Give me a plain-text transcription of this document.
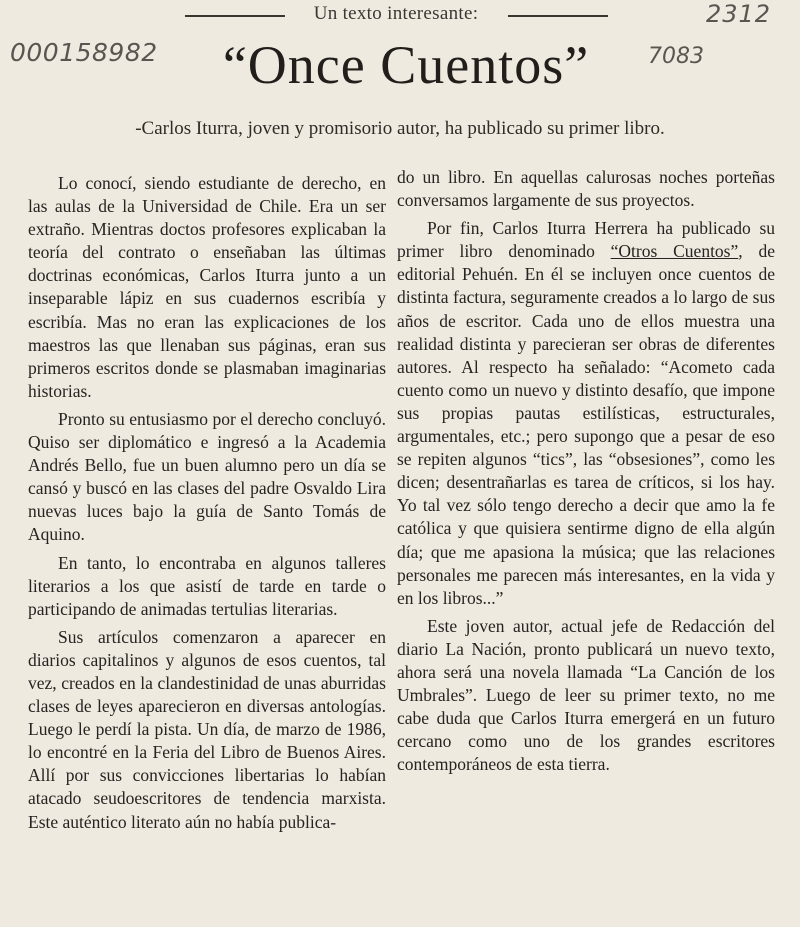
Un texto interesante:
000158982
2312
7083
“Once Cuentos”
-Carlos Iturra, joven y promisorio autor, ha publicado su primer libro.

Lo conocí, siendo estudiante de derecho, en las aulas de la Universidad de Chile. Era un ser extraño. Mientras doctos profesores explicaban la teoría del contrato o enseñaban las últimas doctrinas económicas, Carlos Iturra junto a un inseparable lápiz en sus cuadernos escribía y escribía. Mas no eran las explicaciones de los maestros las que llenaban sus páginas, eran sus primeros escritos donde se plasmaban imaginarias historias.

Pronto su entusiasmo por el derecho concluyó. Quiso ser diplomático e ingresó a la Academia Andrés Bello, fue un buen alumno pero un día se cansó y buscó en las clases del padre Osvaldo Lira nuevas luces bajo la guía de Santo Tomás de Aquino.

En tanto, lo encontraba en algunos talleres literarios a los que asistí de tarde en tarde o participando de animadas tertulias literarias.

Sus artículos comenzaron a aparecer en diarios capitalinos y algunos de esos cuentos, tal vez, creados en la clandestinidad de unas aburridas clases de leyes aparecieron en diversas antologías. Luego le perdí la pista. Un día, de marzo de 1986, lo encontré en la Feria del Libro de Buenos Aires. Allí por sus convicciones libertarias lo habían atacado seudoescritores de tendencia marxista. Este auténtico literato aún no había publica-

do un libro. En aquellas calurosas noches porteñas conversamos largamente de sus proyectos.

Por fin, Carlos Iturra Herrera ha publicado su primer libro denominado “Otros Cuentos”, de editorial Pehuén. En él se incluyen once cuentos de distinta factura, seguramente creados a lo largo de sus años de escritor. Cada uno de ellos muestra una realidad distinta y parecieran ser obras de diferentes autores. Al respecto ha señalado: “Acometo cada cuento como un nuevo y distinto desafío, que impone sus propias pautas estilísticas, estructurales, argumentales, etc.; pero supongo que a pesar de eso se repiten algunos “tics”, las “obsesiones”, como les dicen; desentrañarlas es tarea de críticos, si los hay. Yo tal vez sólo tengo derecho a decir que amo la fe católica y que quisiera sentirme digno de ella algún día; que me apasiona la música; que las relaciones personales me parecen más interesantes, en la vida y en los libros...”

Este joven autor, actual jefe de Redacción del diario La Nación, pronto publicará un nuevo texto, ahora será una novela llamada “La Canción de los Umbrales”. Luego de leer su primer texto, no me cabe duda que Carlos Iturra emergerá en un futuro cercano como uno de los grandes escritores contemporáneos de esta tierra.
